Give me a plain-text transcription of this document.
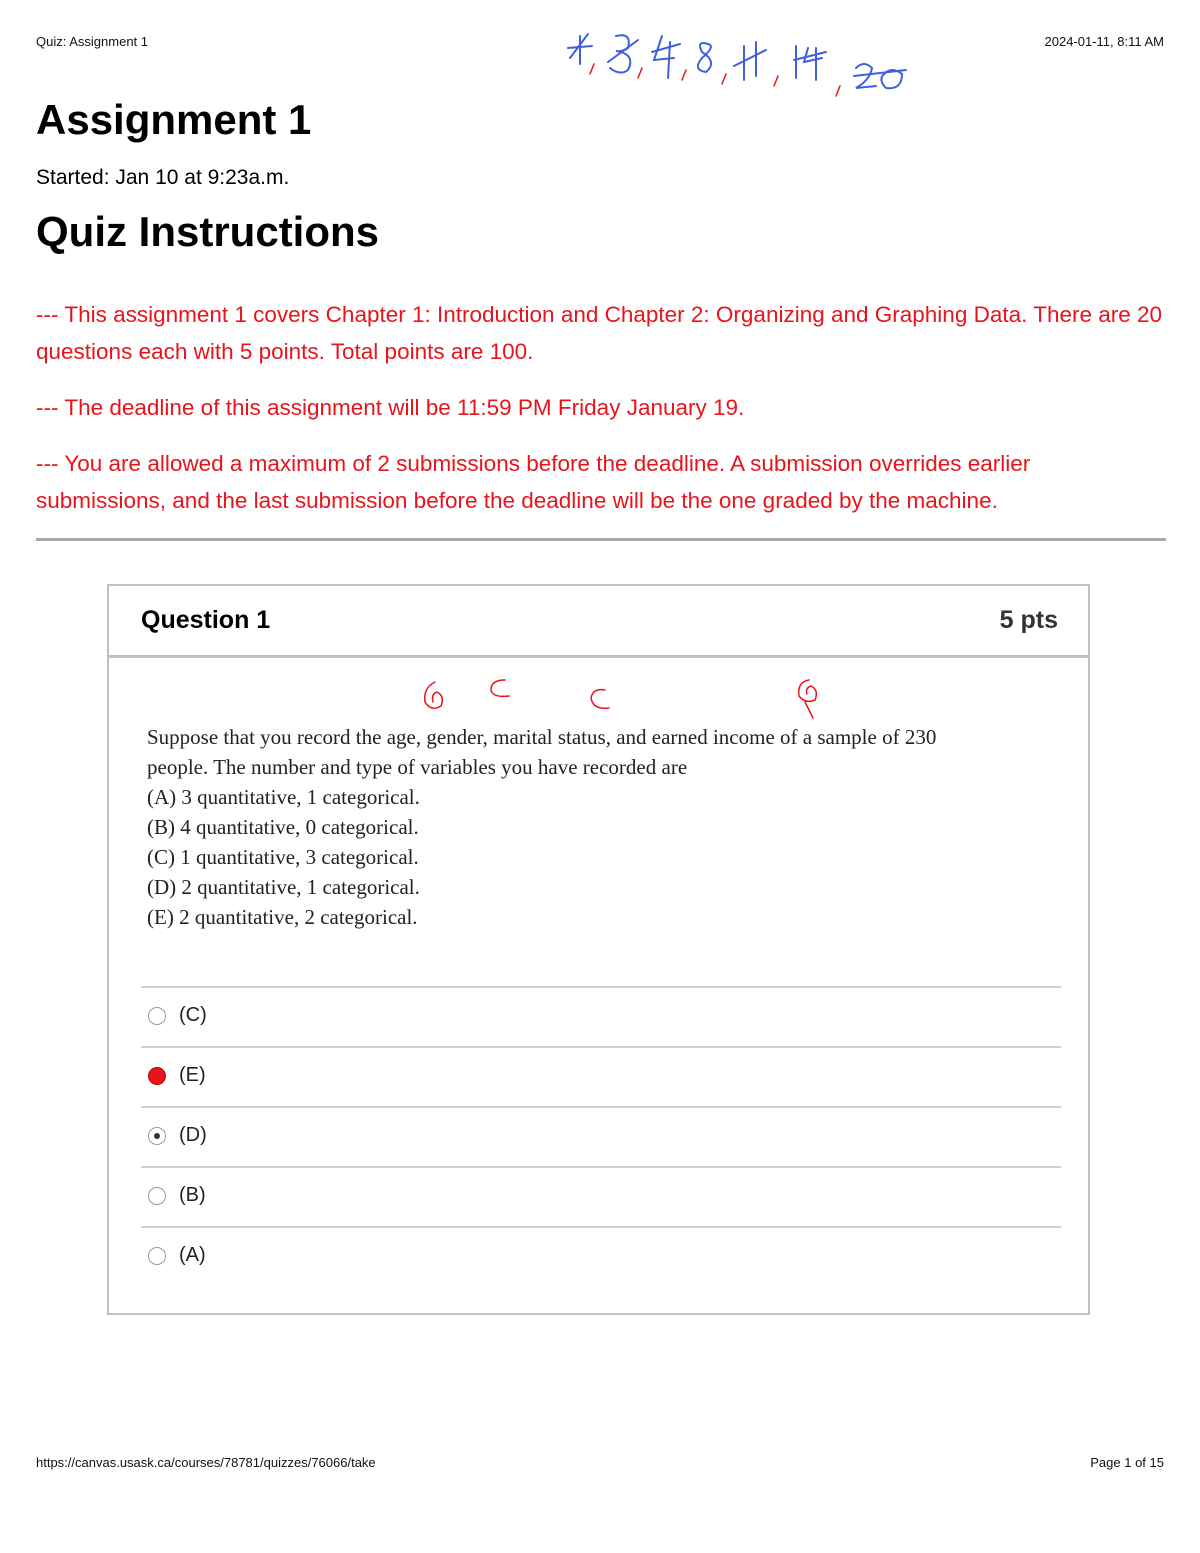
Quiz: Assignment 1	2024-01-11, 8:11 AM
Assignment 1
Started: Jan 10 at 9:23a.m.
Quiz Instructions

--- This assignment 1 covers Chapter 1: Introduction and Chapter 2: Organizing and Graphing Data. There are 20 questions each with 5 points. Total points are 100.

--- The deadline of this assignment will be 11:59 PM Friday January 19.

--- You are allowed a maximum of 2 submissions before the deadline. A submission overrides earlier submissions, and the last submission before the deadline will be the one graded by the machine.

Question 1	5 pts
Suppose that you record the age, gender, marital status, and earned income of a sample of 230
people. The number and type of variables you have recorded are
(A) 3 quantitative, 1 categorical.
(B) 4 quantitative, 0 categorical.
(C) 1 quantitative, 3 categorical.
(D) 2 quantitative, 1 categorical.
(E) 2 quantitative, 2 categorical.
(C)
(E)
(D)
(B)
(A)
https://canvas.usask.ca/courses/78781/quizzes/76066/take	Page 1 of 15
